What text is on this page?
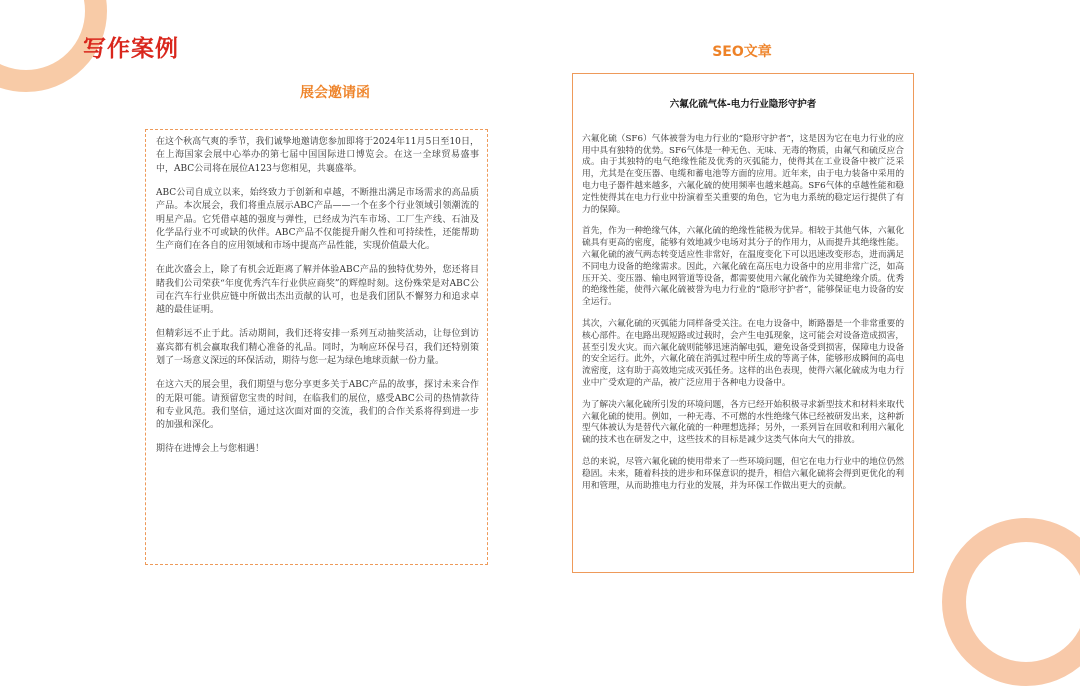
写作案例
展会邀请函

在这个秋高气爽的季节，我们诚挚地邀请您参加即将于2024年11月5日至10日，在上海国家会展中心举办的第七届中国国际进口博览会。在这一全球贸易盛事中，ABC公司将在展位A123与您相见，共襄盛举。

ABC公司自成立以来，始终致力于创新和卓越，不断推出满足市场需求的高品质产品。本次展会，我们将重点展示ABC产品——一个在多个行业领域引领潮流的明星产品。它凭借卓越的强度与弹性，已经成为汽车市场、工厂生产线、石油及化学品行业不可或缺的伙伴。ABC产品不仅能提升耐久性和可持续性，还能帮助生产商们在各自的应用领域和市场中提高产品性能，实现价值最大化。

在此次盛会上，除了有机会近距离了解并体验ABC产品的独特优势外，您还将目睹我们公司荣获“年度优秀汽车行业供应商奖”的辉煌时刻。这份殊荣是对ABC公司在汽车行业供应链中所做出杰出贡献的认可，也是我们团队不懈努力和追求卓越的最佳证明。

但精彩远不止于此。活动期间，我们还将安排一系列互动抽奖活动，让每位到访嘉宾都有机会赢取我们精心准备的礼品。同时，为响应环保号召，我们还特别策划了一场意义深远的环保活动，期待与您一起为绿色地球贡献一份力量。

在这六天的展会里，我们期望与您分享更多关于ABC产品的故事，探讨未来合作的无限可能。请预留您宝贵的时间，在临我们的展位，感受ABC公司的热情款待和专业风范。我们坚信，通过这次面对面的交流，我们的合作关系将得到进一步的加强和深化。

期待在进博会上与您相遇！

SEO文章
六氟化硫气体-电力行业隐形守护者

六氟化硫（SF6）气体被誉为电力行业的“隐形守护者”，这是因为它在电力行业的应用中具有独特的优势。SF6气体是一种无色、无味、无毒的物质，由氟气和硫反应合成。由于其独特的电气绝缘性能及优秀的灭弧能力，使得其在工业设备中被广泛采用，尤其是在变压器、电缆和蓄电池等方面的应用。近年来，由于电力装备中采用的电力电子器件越来越多，六氟化硫的使用频率也越来越高。SF6气体的卓越性能和稳定性使得其在电力行业中扮演着至关重要的角色，它为电力系统的稳定运行提供了有力的保障。

首先，作为一种绝缘气体，六氟化硫的绝缘性能极为优异。相较于其他气体，六氟化硫具有更高的密度，能够有效地减少电场对其分子的作用力，从而提升其绝缘性能。六氟化硫的液气两态转变适应性非常好，在温度变化下可以迅速改变形态，进而满足不同电力设备的绝缘需求。因此，六氟化硫在高压电力设备中的应用非常广泛，如高压开关、变压器、输电网管道等设备，都需要使用六氟化硫作为关键绝缘介质。优秀的绝缘性能，使得六氟化硫被誉为电力行业的“隐形守护者”，能够保证电力设备的安全运行。

其次，六氟化硫的灭弧能力同样备受关注。在电力设备中，断路器是一个非常重要的核心部件。在电路出现短路或过载时，会产生电弧现象，这可能会对设备造成损害，甚至引发火灾。而六氟化硫则能够迅速消解电弧，避免设备受到损害，保障电力设备的安全运行。此外，六氟化硫在消弧过程中所生成的等离子体，能够形成瞬间的高电流密度，这有助于高效地完成灭弧任务。这样的出色表现，使得六氟化硫成为电力行业中广受欢迎的产品，被广泛应用于各种电力设备中。

为了解决六氟化硫所引发的环境问题，各方已经开始积极寻求新型技术和材料来取代六氟化硫的使用。例如，一种无毒、不可燃的水性绝缘气体已经被研发出来，这种新型气体被认为是替代六氟化硫的一种理想选择；另外，一系列旨在回收和利用六氟化硫的技术也在研发之中，这些技术的目标是减少这类气体向大气的排放。

总的来说，尽管六氟化硫的使用带来了一些环境问题，但它在电力行业中的地位仍然稳固。未来，随着科技的进步和环保意识的提升，相信六氟化硫将会得到更优化的利用和管理，从而助推电力行业的发展，并为环保工作做出更大的贡献。
